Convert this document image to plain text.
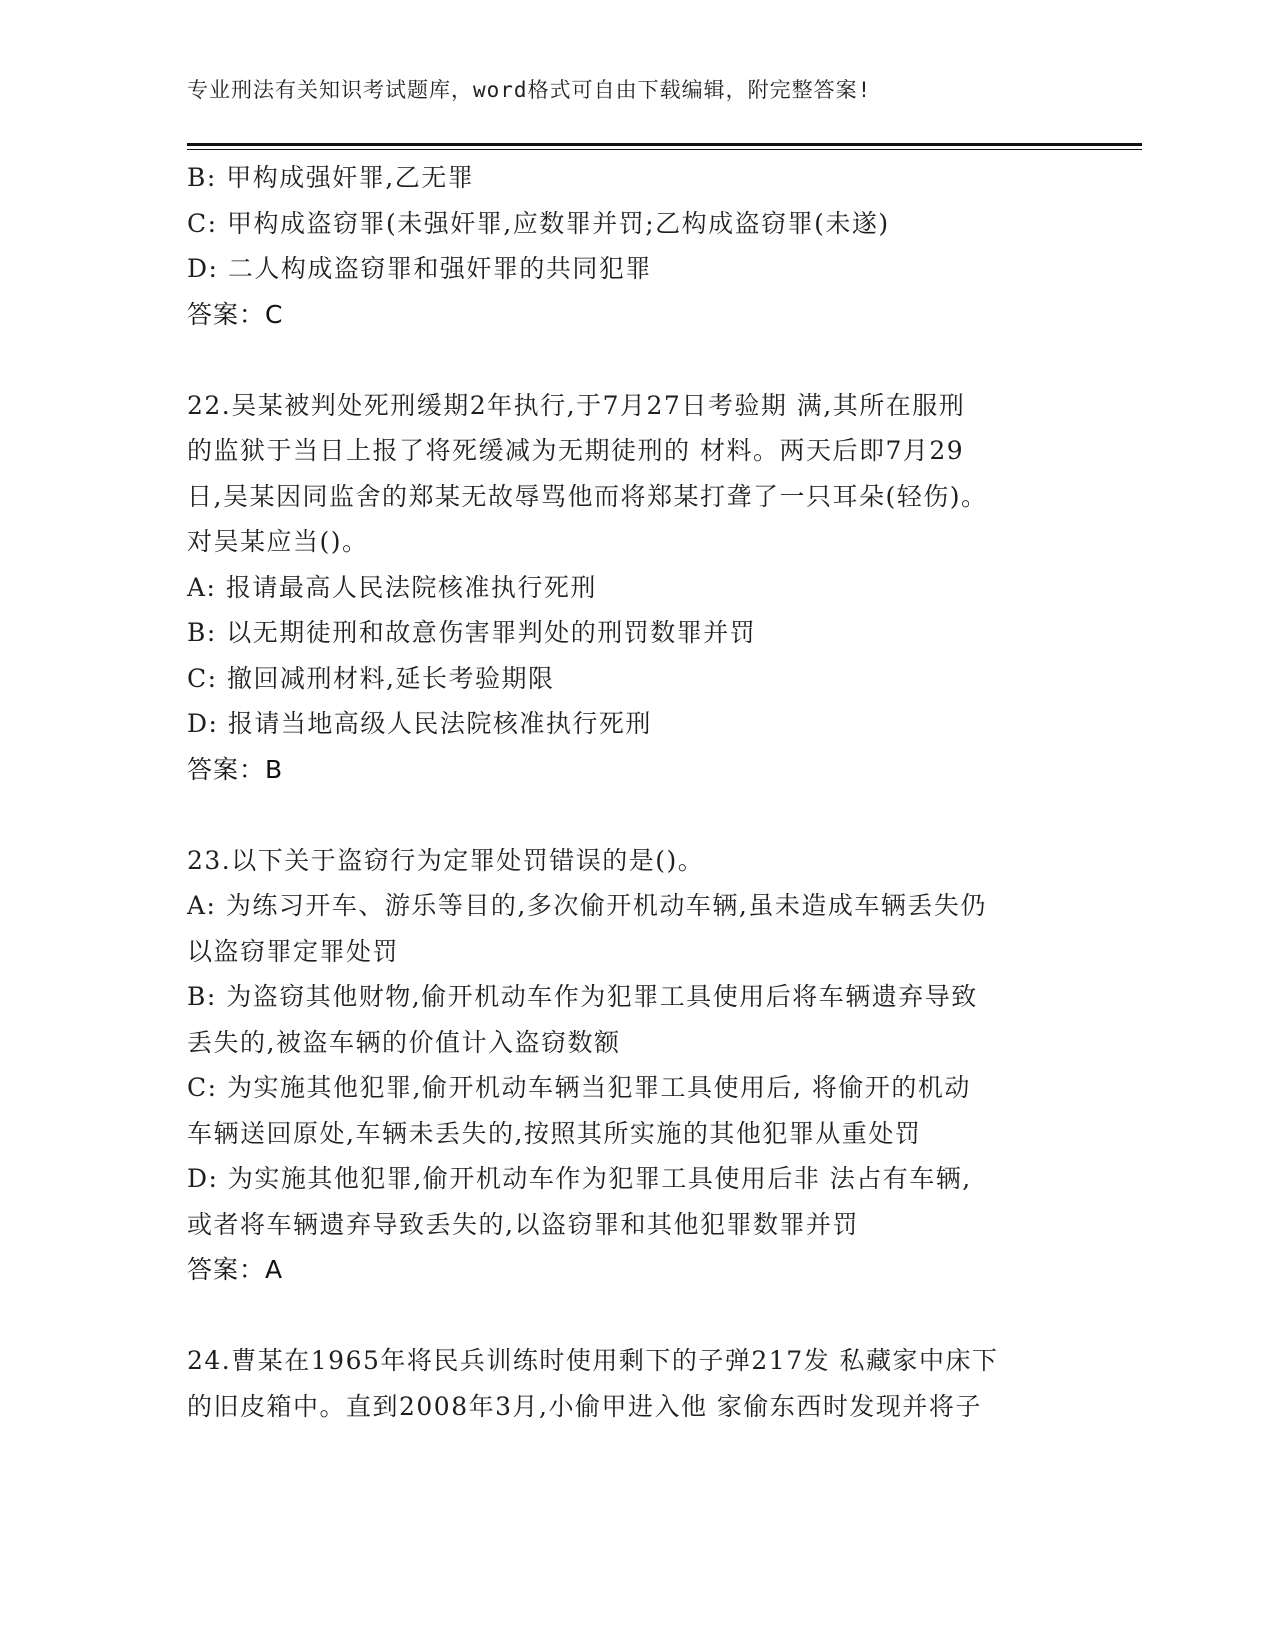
专业刑法有关知识考试题库，word格式可自由下载编辑，附完整答案!
B: 甲构成强奸罪,乙无罪
C: 甲构成盗窃罪(未强奸罪,应数罪并罚;乙构成盗窃罪(未遂)
D: 二人构成盗窃罪和强奸罪的共同犯罪
答案：C
22.吴某被判处死刑缓期2年执行,于7月27日考验期 满,其所在服刑
的监狱于当日上报了将死缓减为无期徒刑的 材料。两天后即7月29
日,吴某因同监舍的郑某无故辱骂他而将郑某打聋了一只耳朵(轻伤)。
对吴某应当()。
A: 报请最高人民法院核准执行死刑
B: 以无期徒刑和故意伤害罪判处的刑罚数罪并罚
C: 撤回减刑材料,延长考验期限
D: 报请当地高级人民法院核准执行死刑
答案：B
23.以下关于盗窃行为定罪处罚错误的是()。
A: 为练习开车、游乐等目的,多次偷开机动车辆,虽未造成车辆丢失仍
以盗窃罪定罪处罚
B: 为盗窃其他财物,偷开机动车作为犯罪工具使用后将车辆遗弃导致
丢失的,被盗车辆的价值计入盗窃数额
C: 为实施其他犯罪,偷开机动车辆当犯罪工具使用后, 将偷开的机动
车辆送回原处,车辆未丢失的,按照其所实施的其他犯罪从重处罚
D: 为实施其他犯罪,偷开机动车作为犯罪工具使用后非 法占有车辆,
或者将车辆遗弃导致丢失的,以盗窃罪和其他犯罪数罪并罚
答案：A
24.曹某在1965年将民兵训练时使用剩下的子弹217发 私藏家中床下
的旧皮箱中。直到2008年3月,小偷甲进入他 家偷东西时发现并将子
